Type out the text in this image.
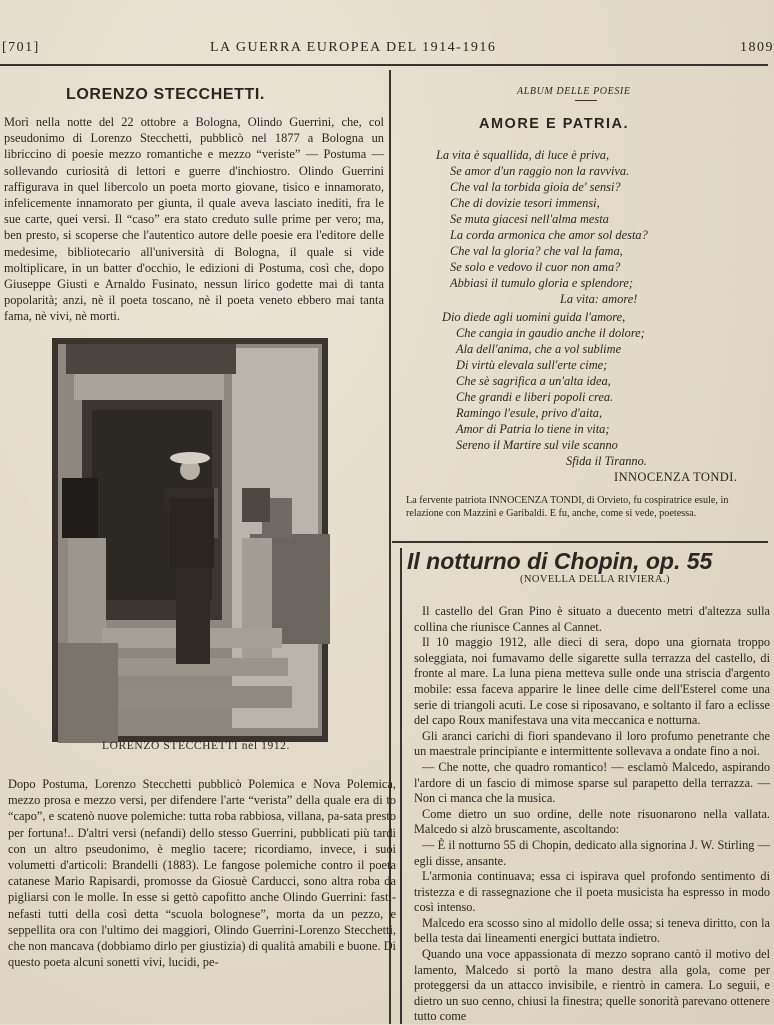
[701]	LA GUERRA EUROPEA DEL 1914-1916	1809
LORENZO STECCHETTI.
Morì nella notte del 22 ottobre a Bologna, Olindo Guerrini, che, col pseudonimo di Lorenzo Stecchetti, pubblicò nel 1877 a Bologna un libriccino di poesie mezzo romantiche e mezzo “veriste” — Postuma — sollevando curiosità di lettori e guerre d'inchiostro. Olindo Guerrini raffigurava in quel libercolo un poeta morto giovane, tisico e innamorato, infelicemente innamorato per giunta, il quale aveva lasciato inediti, fra le sue carte, quei versi. Il “caso” era stato creduto sulle prime per vero; ma, ben presto, si scoperse che l'autentico autore delle poesie era l'editore delle medesime, bibliotecario all'università di Bologna, il quale si vide moltiplicare, in un batter d'occhio, le edizioni di Postuma, così che, dopo Giuseppe Giusti e Arnaldo Fusinato, nessun lirico godette mai di tanta popolarità; anzi, nè il poeta toscano, nè il poeta veneto ebbero mai tanta fama, nè vivi, nè morti.
LORENZO STECCHETTI nel 1912.
Dopo Postuma, Lorenzo Stecchetti pubblicò Polemica e Nova Polemica, mezzo prosa e mezzo versi, per difendere l'arte “verista” della quale era di to “capo”, e scatenò nuove polemiche: tutta roba rabbiosa, villana, pa-sata presto per fortuna!.. D'altri versi (nefandi) dello stesso Guerrini, pubblicati più tardi con un altro pseudonimo, è meglio tacere; ricordiamo, invece, i suoi volumetti d'articoli: Brandelli (1883). Le fangose polemiche contro il poeta catanese Mario Rapisardi, promosse da Giosuè Carducci, sono altra roba da pigliarsi con le molle. In esse si gettò capofitto anche Olindo Guerrini: fasti-nefasti tutti della così detta “scuola bolognese”, morta da un pezzo, e seppellita ora con l'ultimo dei maggiori, Olindo Guerrini-Lorenzo Stecchetti, che non mancava (dobbiamo dirlo per giustizia) di qualità amabili e buone. Di questo poeta alcuni sonetti vivi, lucidi, pe-
ALBUM DELLE POESIE
AMORE E PATRIA.
La vita è squallida, di luce è priva,
Se amor d'un raggio non la ravviva.
Che val la torbida gioia de' sensi?
Che di dovizie tesori immensi,
Se muta giacesi nell'alma mesta
La corda armonica che amor sol desta?
Che val la gloria? che val la fama,
Se solo e vedovo il cuor non ama?
Abbiasi il tumulo gloria e splendore;
La vita: amore!
Dio diede agli uomini guida l'amore,
Che cangia in gaudio anche il dolore;
Ala dell'anima, che a vol sublime
Di virtù elevala sull'erte cime;
Che sè sagrifica a un'alta idea,
Che grandi e liberi popoli crea.
Ramingo l'esule, privo d'aita,
Amor di Patria lo tiene in vita;
Sereno il Martire sul vile scanno
Sfida il Tiranno.
INNOCENZA TONDI.
La fervente patriota INNOCENZA TONDI, di Orvieto, fu cospiratrice esule, in relazione con Mazzini e Garibaldi. E fu, anche, come si vede, poetessa.
Il notturno di Chopin, op. 55
(NOVELLA DELLA RIVIERA.)

Il castello del Gran Pino è situato a duecento metri d'altezza sulla collina che riunisce Cannes al Cannet.

Il 10 maggio 1912, alle dieci di sera, dopo una giornata troppo soleggiata, noi fumavamo delle sigarette sulla terrazza del castello, di fronte al mare. La luna piena metteva sulle onde una striscia d'argento mobile: essa faceva apparire le linee delle cime dell'Esterel come una serie di triangoli acuti. Le cose si riposavano, e soltanto il faro a eclisse del capo Roux manifestava una vita meccanica e notturna.

Gli aranci carichi di fiori spandevano il loro profumo penetrante che un maestrale principiante e intermittente sollevava a ondate fino a noi.

— Che notte, che quadro romantico! — esclamò Malcedo, aspirando l'ardore di un fascio di mimose sparse sul parapetto della terrazza. — Non ci manca che la musica.

Come dietro un suo ordine, delle note risuonarono nella vallata. Malcedo si alzò bruscamente, ascoltando:

— È il notturno 55 di Chopin, dedicato alla signorina J. W. Stirling — egli disse, ansante.

L'armonia continuava; essa ci ispirava quel profondo sentimento di tristezza e di rassegnazione che il poeta musicista ha espresso in modo così intenso.

Malcedo era scosso sino al midollo delle ossa; si teneva diritto, con la bella testa dai lineamenti energici buttata indietro.

Quando una voce appassionata di mezzo soprano cantò il motivo del lamento, Malcedo si portò la mano destra alla gola, come per proteggersi da un attacco invisibile, e rientrò in camera. Lo seguii, e dietro un suo cenno, chiusi la finestra; quelle sonorità parevano ottenere tutto come
